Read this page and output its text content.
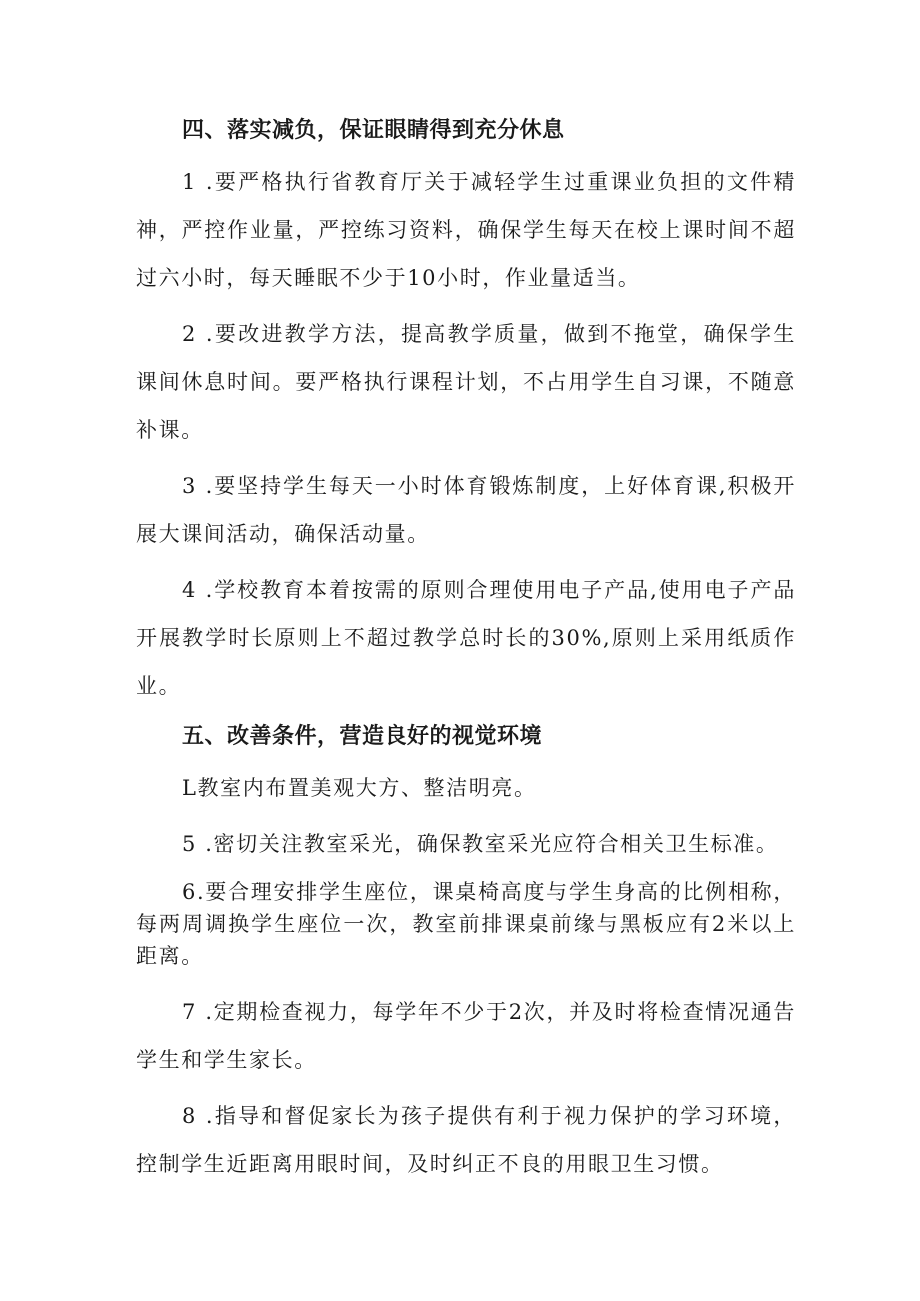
四、落实减负，保证眼睛得到充分休息

1 .要严格执行省教育厅关于减轻学生过重课业负担的文件精神，严控作业量，严控练习资料，确保学生每天在校上课时间不超过六小时，每天睡眠不少于10小时，作业量适当。

2 .要改进教学方法，提高教学质量，做到不拖堂，确保学生课间休息时间。要严格执行课程计划，不占用学生自习课，不随意补课。

3 .要坚持学生每天一小时体育锻炼制度，上好体育课,积极开展大课间活动，确保活动量。

4 .学校教育本着按需的原则合理使用电子产品,使用电子产品开展教学时长原则上不超过教学总时长的30%,原则上采用纸质作业。

五、改善条件，营造良好的视觉环境

L教室内布置美观大方、整洁明亮。

5 .密切关注教室采光，确保教室采光应符合相关卫生标准。

6.要合理安排学生座位，课桌椅高度与学生身高的比例相称，每两周调换学生座位一次，教室前排课桌前缘与黑板应有2米以上距离。

7 .定期检查视力，每学年不少于2次，并及时将检查情况通告学生和学生家长。

8 .指导和督促家长为孩子提供有利于视力保护的学习环境，控制学生近距离用眼时间，及时纠正不良的用眼卫生习惯。
